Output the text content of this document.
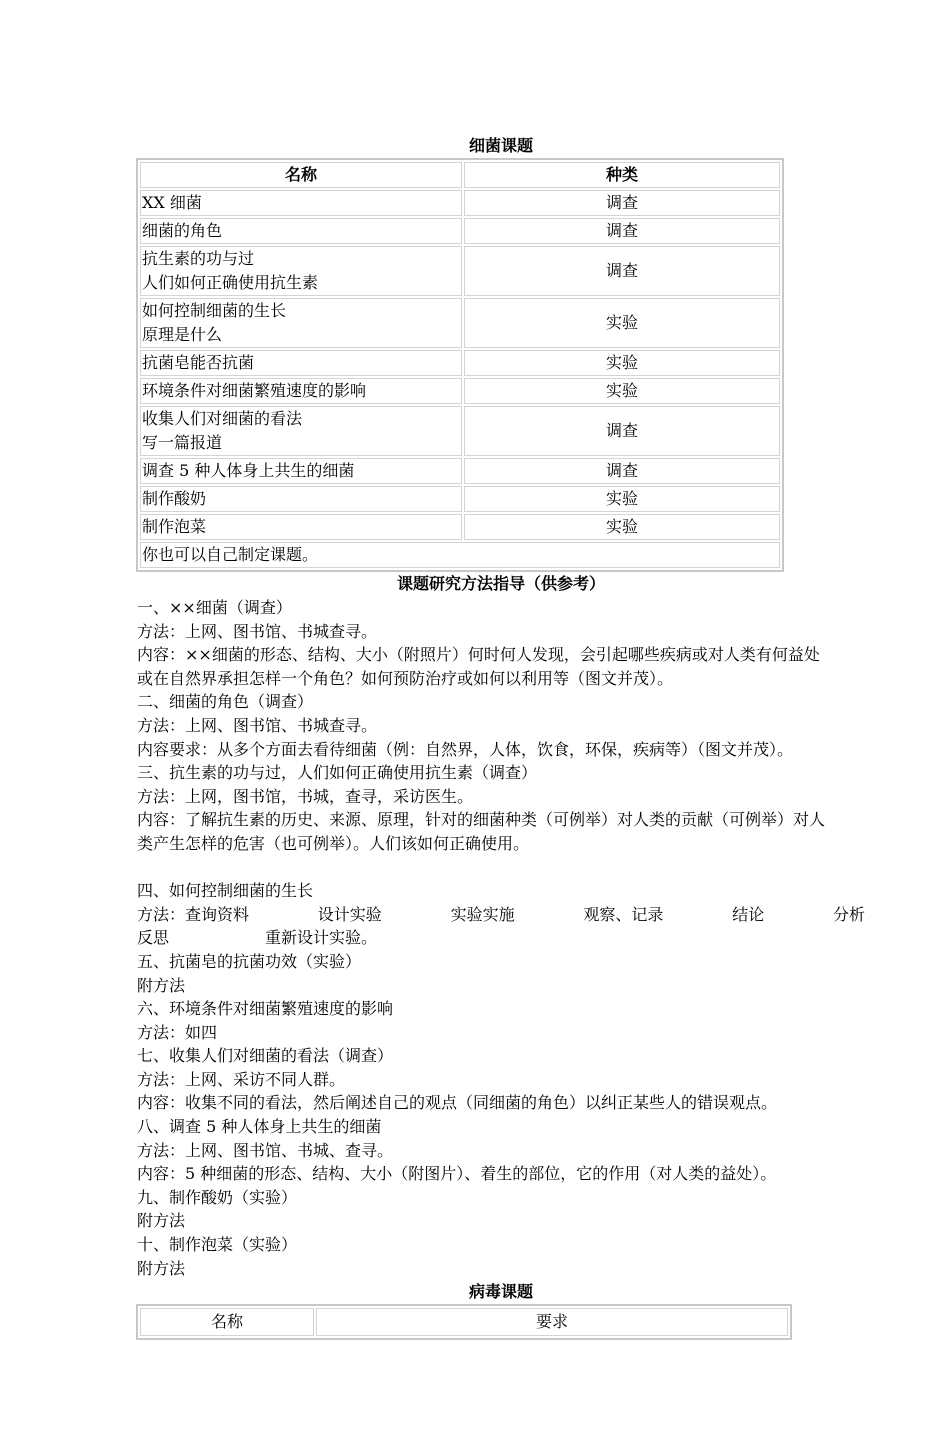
细菌课题
名称	种类

XX 细菌	调查

细菌的角色	调查

抗生素的功与过
人们如何正确使用抗生素	调查

如何控制细菌的生长
原理是什么	实验

抗菌皂能否抗菌	实验

环境条件对细菌繁殖速度的影响	实验

收集人们对细菌的看法
写一篇报道	调查

调查 5 种人体身上共生的细菌	调查

制作酸奶	实验

制作泡菜	实验
你也可以自己制定课题。	
课题研究方法指导（供参考）

一、××细菌（调查）

方法：上网、图书馆、书城查寻。

内容：××细菌的形态、结构、大小（附照片）何时何人发现，会引起哪些疾病或对人类有何益处

或在自然界承担怎样一个角色？如何预防治疗或如何以利用等（图文并茂）。

二、细菌的角色（调查）

方法：上网、图书馆、书城查寻。

内容要求：从多个方面去看待细菌（例：自然界，人体，饮食，环保，疾病等）（图文并茂）。

三、抗生素的功与过，人们如何正确使用抗生素（调查）

方法：上网，图书馆，书城，查寻，采访医生。

内容：了解抗生素的历史、来源、原理，针对的细菌种类（可例举）对人类的贡献（可例举）对人

类产生怎样的危害（也可例举）。人们该如何正确使用。

四、如何控制细菌的生长

方法：查询资料	设计实验	实验实施	观察、记录	结论	分析

反思	重新设计实验。

五、抗菌皂的抗菌功效（实验）

附方法

六、环境条件对细菌繁殖速度的影响

方法：如四

七、收集人们对细菌的看法（调查）

方法：上网、采访不同人群。

内容：收集不同的看法，然后阐述自己的观点（同细菌的角色）以纠正某些人的错误观点。

八、调查 5 种人体身上共生的细菌

方法：上网、图书馆、书城、查寻。

内容：5 种细菌的形态、结构、大小（附图片）、着生的部位，它的作用（对人类的益处）。

九、制作酸奶（实验）

附方法

十、制作泡菜（实验）

附方法

病毒课题
名称	要求
